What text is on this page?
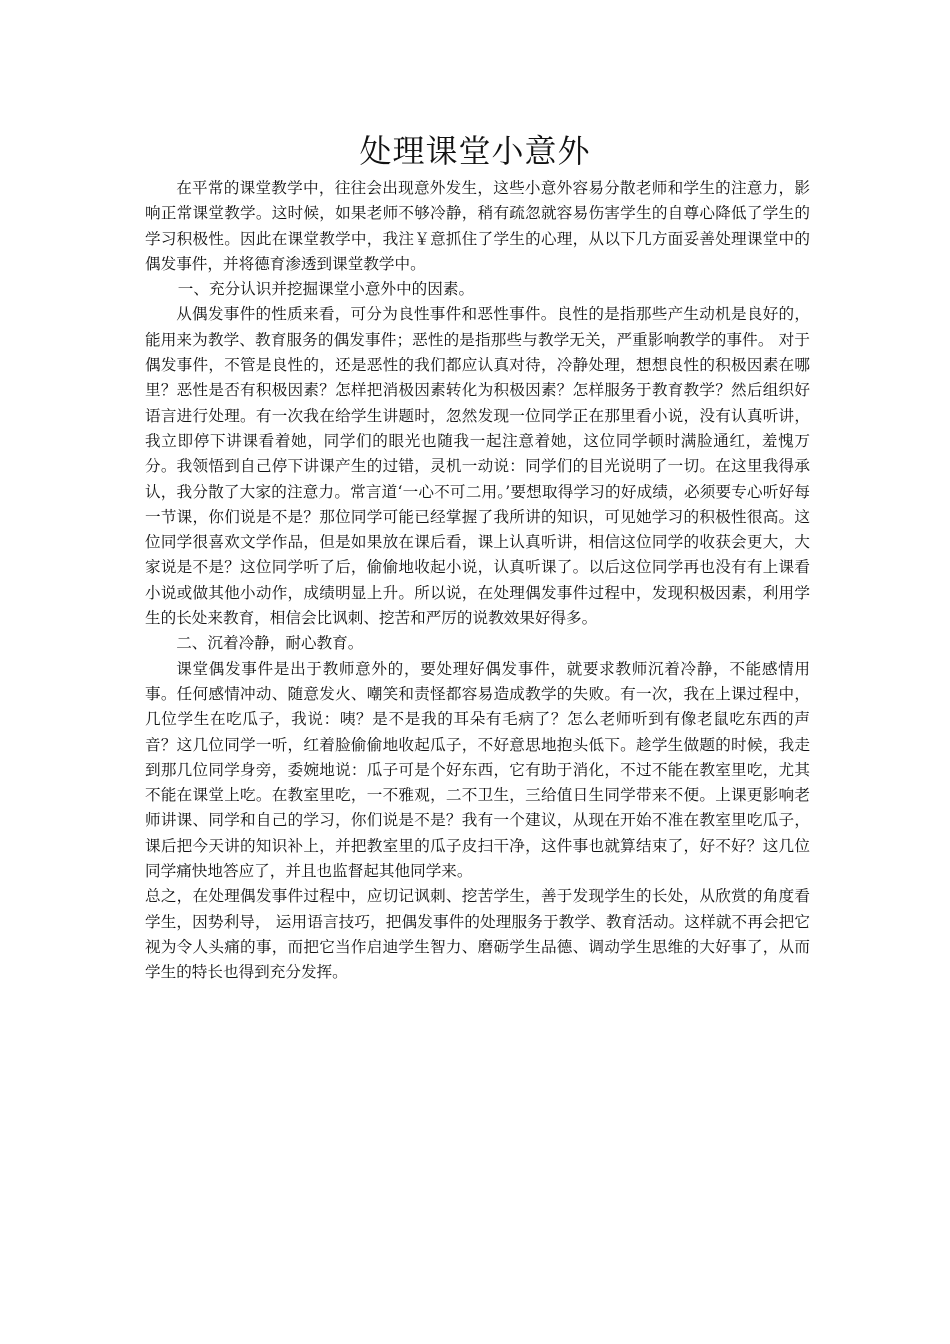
处理课堂小意外

在平常的课堂教学中，往往会出现意外发生，这些小意外容易分散老师和学生的注意力，影响正常课堂教学。这时候，如果老师不够冷静，稍有疏忽就容易伤害学生的自尊心降低了学生的学习积极性。因此在课堂教学中，我注￥意抓住了学生的心理，从以下几方面妥善处理课堂中的偶发事件，并将德育渗透到课堂教学中。

一、充分认识并挖掘课堂小意外中的因素。

从偶发事件的性质来看，可分为良性事件和恶性事件。良性的是指那些产生动机是良好的，能用来为教学、教育服务的偶发事件；恶性的是指那些与教学无关，严重影响教学的事件。 对于偶发事件，不管是良性的，还是恶性的我们都应认真对待，冷静处理，想想良性的积极因素在哪里？恶性是否有积极因素？怎样把消极因素转化为积极因素？怎样服务于教育教学？然后组织好语言进行处理。有一次我在给学生讲题时，忽然发现一位同学正在那里看小说，没有认真听讲，我立即停下讲课看着她，同学们的眼光也随我一起注意着她，这位同学顿时满脸通红，羞愧万分。我领悟到自己停下讲课产生的过错，灵机一动说：同学们的目光说明了一切。在这里我得承认，我分散了大家的注意力。常言道‘一心不可二用。’要想取得学习的好成绩，必须要专心听好每一节课，你们说是不是？那位同学可能已经掌握了我所讲的知识，可见她学习的积极性很高。这位同学很喜欢文学作品，但是如果放在课后看，课上认真听讲，相信这位同学的收获会更大，大家说是不是？这位同学听了后，偷偷地收起小说，认真听课了。以后这位同学再也没有有上课看小说或做其他小动作，成绩明显上升。所以说，在处理偶发事件过程中，发现积极因素，利用学生的长处来教育，相信会比讽刺、挖苦和严厉的说教效果好得多。

二、沉着冷静，耐心教育。

课堂偶发事件是出于教师意外的，要处理好偶发事件，就要求教师沉着冷静，不能感情用事。任何感情冲动、随意发火、嘲笑和责怪都容易造成教学的失败。有一次，我在上课过程中，几位学生在吃瓜子，我说：咦？是不是我的耳朵有毛病了？怎么老师听到有像老鼠吃东西的声音？这几位同学一听，红着脸偷偷地收起瓜子，不好意思地抱头低下。趁学生做题的时候，我走到那几位同学身旁，委婉地说：瓜子可是个好东西，它有助于消化，不过不能在教室里吃，尤其不能在课堂上吃。在教室里吃，一不雅观，二不卫生，三给值日生同学带来不便。上课更影响老师讲课、同学和自己的学习，你们说是不是？我有一个建议，从现在开始不准在教室里吃瓜子，课后把今天讲的知识补上，并把教室里的瓜子皮扫干净，这件事也就算结束了，好不好？这几位同学痛快地答应了，并且也监督起其他同学来。

总之，在处理偶发事件过程中，应切记讽刺、挖苦学生，善于发现学生的长处，从欣赏的角度看学生，因势利导， 运用语言技巧，把偶发事件的处理服务于教学、教育活动。这样就不再会把它视为令人头痛的事，而把它当作启迪学生智力、磨砺学生品德、调动学生思维的大好事了，从而学生的特长也得到充分发挥。
